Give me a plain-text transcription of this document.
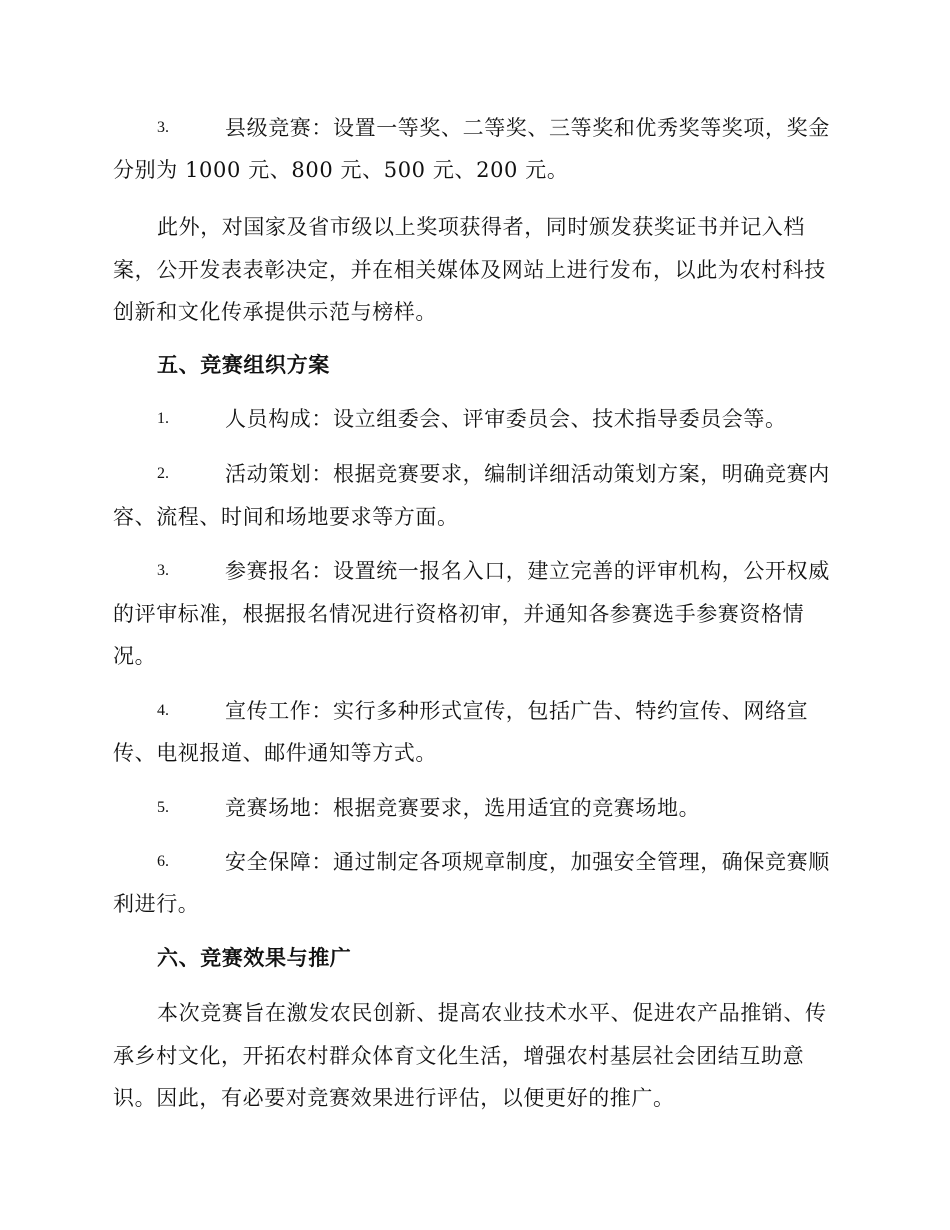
3.	县级竞赛：设置一等奖、二等奖、三等奖和优秀奖等奖项，奖金
分别为 1000 元、800 元、500 元、200 元。
此外，对国家及省市级以上奖项获得者，同时颁发获奖证书并记入档
案，公开发表表彰决定，并在相关媒体及网站上进行发布，以此为农村科技
创新和文化传承提供示范与榜样。
五、竞赛组织方案
1.	人员构成：设立组委会、评审委员会、技术指导委员会等。
2.	活动策划：根据竞赛要求，编制详细活动策划方案，明确竞赛内
容、流程、时间和场地要求等方面。
3.	参赛报名：设置统一报名入口，建立完善的评审机构，公开权威
的评审标准，根据报名情况进行资格初审，并通知各参赛选手参赛资格情
况。
4.	宣传工作：实行多种形式宣传，包括广告、特约宣传、网络宣
传、电视报道、邮件通知等方式。
5.	竞赛场地：根据竞赛要求，选用适宜的竞赛场地。
6.	安全保障：通过制定各项规章制度，加强安全管理，确保竞赛顺
利进行。
六、竞赛效果与推广
本次竞赛旨在激发农民创新、提高农业技术水平、促进农产品推销、传
承乡村文化，开拓农村群众体育文化生活，增强农村基层社会团结互助意
识。因此，有必要对竞赛效果进行评估，以便更好的推广。
